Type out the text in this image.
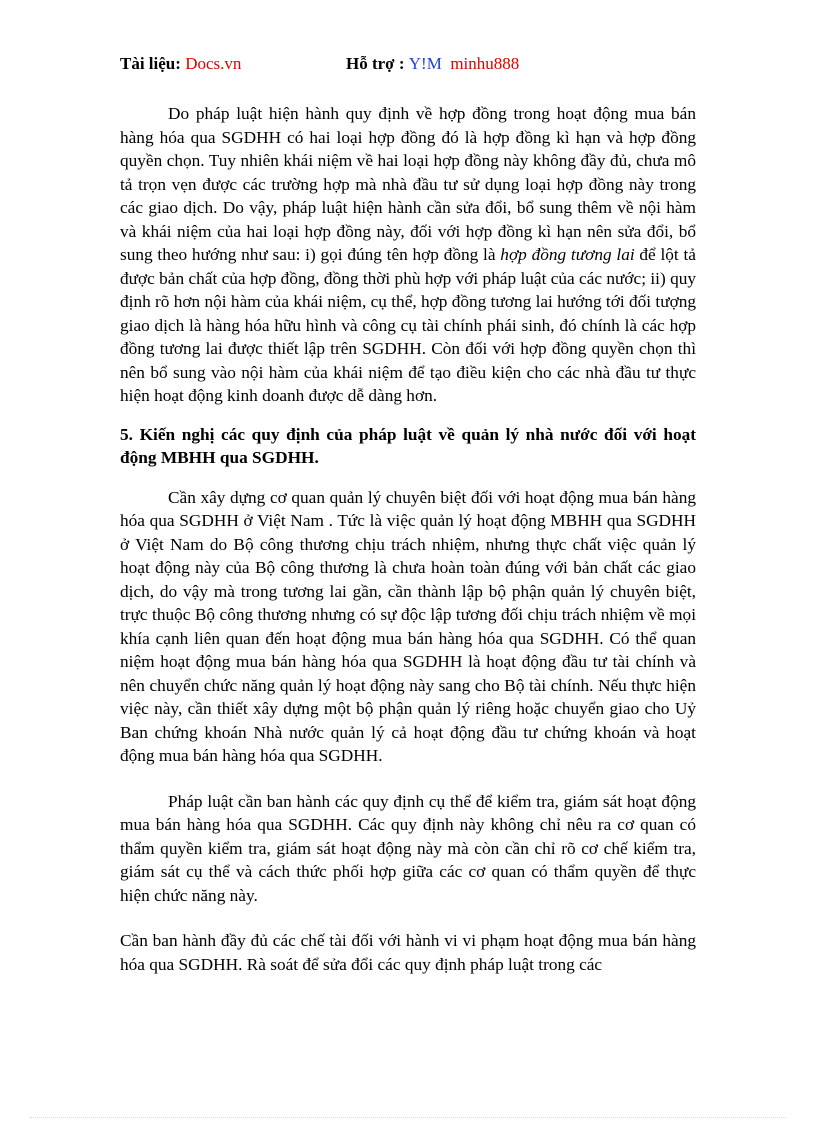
Tài liệu: Docs.vn	Hỗ trợ : Y!M minhu888

Do pháp luật hiện hành quy định về hợp đồng trong hoạt động mua bán hàng hóa qua SGDHH có hai loại hợp đồng đó là hợp đồng kì hạn và hợp đồng quyền chọn. Tuy nhiên khái niệm về hai loại hợp đồng này không đầy đủ, chưa mô tả trọn vẹn được các trường hợp mà nhà đầu tư sử dụng loại hợp đồng này trong các giao dịch. Do vậy, pháp luật hiện hành cần sửa đổi, bổ sung thêm về nội hàm và khái niệm của hai loại hợp đồng này, đối với hợp đồng kì hạn nên sửa đổi, bổ sung theo hướng như sau: i) gọi đúng tên hợp đồng là hợp đồng tương lai để lột tả được bản chất của hợp đồng, đồng thời phù hợp với pháp luật của các nước; ii) quy định rõ hơn nội hàm của khái niệm, cụ thể, hợp đồng tương lai hướng tới đối tượng giao dịch là hàng hóa hữu hình và công cụ tài chính phái sinh, đó chính là các hợp đồng tương lai được thiết lập trên SGDHH. Còn đối với hợp đồng quyền chọn thì nên bổ sung vào nội hàm của khái niệm để tạo điều kiện cho các nhà đầu tư thực hiện hoạt động kinh doanh được dễ dàng hơn.

5. Kiến nghị các quy định của pháp luật về quản lý nhà nước đối với hoạt động MBHH qua SGDHH.

Cần xây dựng cơ quan quản lý chuyên biệt đối với hoạt động mua bán hàng hóa qua SGDHH ở Việt Nam . Tức là việc quản lý hoạt động MBHH qua SGDHH ở Việt Nam do Bộ công thương chịu trách nhiệm, nhưng thực chất việc quản lý hoạt động này của Bộ công thương là chưa hoàn toàn đúng với bản chất các giao dịch, do vậy mà trong tương lai gần, cần thành lập bộ phận quản lý chuyên biệt, trực thuộc Bộ công thương nhưng có sự độc lập tương đối chịu trách nhiệm về mọi khía cạnh liên quan đến hoạt động mua bán hàng hóa qua SGDHH. Có thể quan niệm hoạt động mua bán hàng hóa qua SGDHH là hoạt động đầu tư tài chính và nên chuyển chức năng quản lý hoạt động này sang cho Bộ tài chính. Nếu thực hiện việc này, cần thiết xây dựng một bộ phận quản lý riêng hoặc chuyển giao cho Uỷ Ban chứng khoán Nhà nước quản lý cả hoạt động đầu tư chứng khoán và hoạt động mua bán hàng hóa qua SGDHH.

Pháp luật cần ban hành các quy định cụ thể để kiểm tra, giám sát hoạt động mua bán hàng hóa qua SGDHH. Các quy định này không chỉ nêu ra cơ quan có thẩm quyền kiểm tra, giám sát hoạt động này mà còn cần chỉ rõ cơ chế kiểm tra, giám sát cụ thể và cách thức phối hợp giữa các cơ quan có thẩm quyền để thực hiện chức năng này.

Cần ban hành đầy đủ các chế tài đối với hành vi vi phạm hoạt động mua bán hàng hóa qua SGDHH. Rà soát để sửa đổi các quy định pháp luật trong các
